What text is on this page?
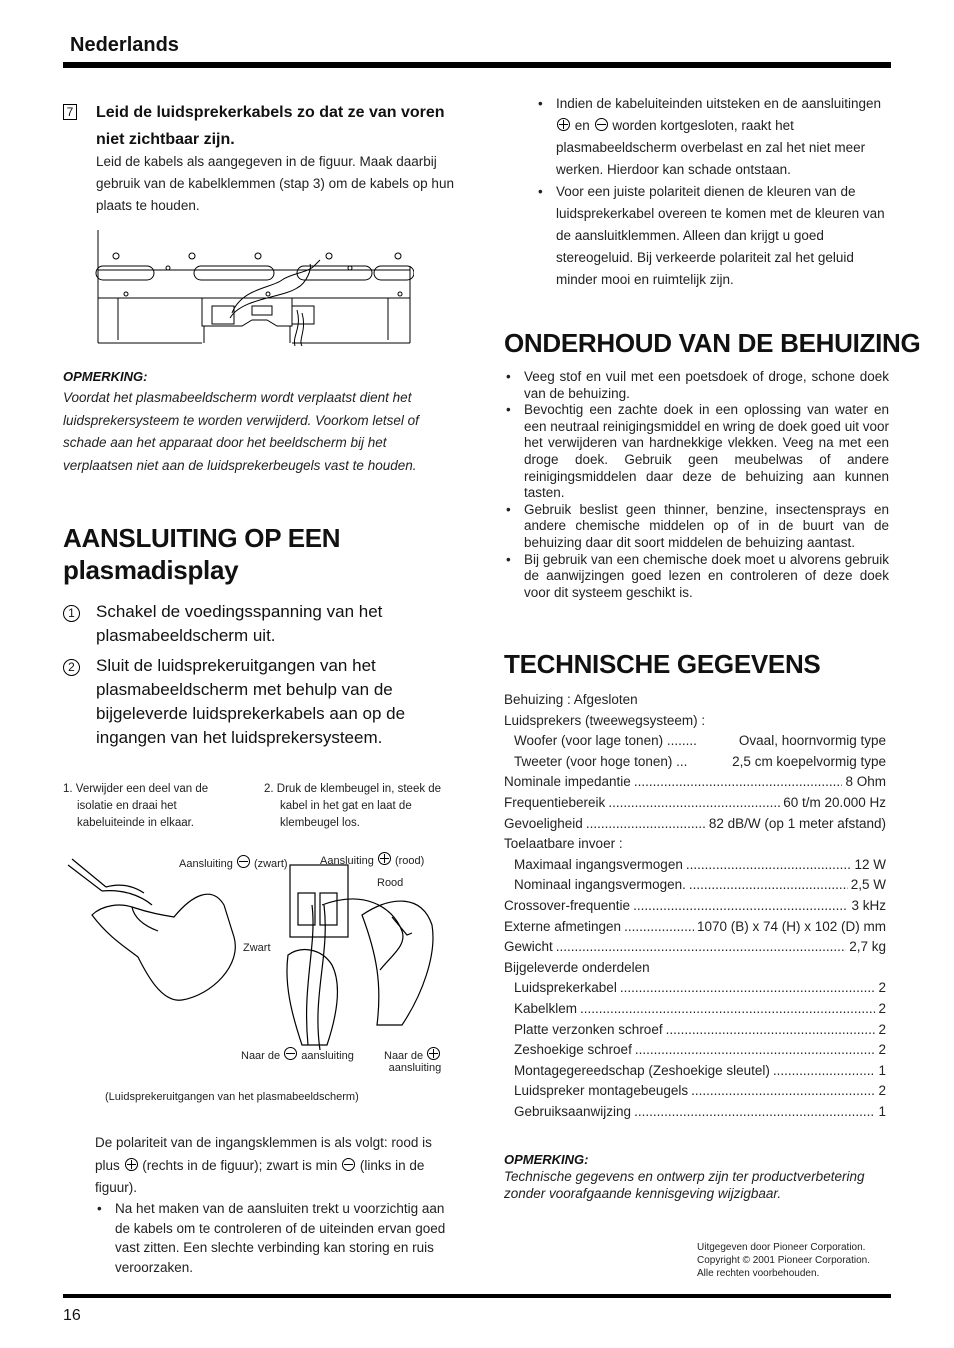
Nederlands
7 Leid de luidsprekerkabels zo dat ze van voren niet zichtbaar zijn.
Leid de kabels als aangegeven in de figuur. Maak daarbij gebruik van de kabelklemmen (stap 3) om de kabels op hun plaats te houden.
OPMERKING:
Voordat het plasmabeeldscherm wordt verplaatst dient het luidsprekersysteem te worden verwijderd. Voorkom letsel of schade aan het apparaat door het beeldscherm bij het verplaatsen niet aan de luidsprekerbeugels vast te houden.
AANSLUITING OP EEN plasmadisplay
1	Schakel de voedingsspanning van het plasmabeeldscherm uit.
2	Sluit de luidsprekeruitgangen van het plasmabeeldscherm met behulp van de bijgeleverde luidsprekerkabels aan op de ingangen van het luidsprekersysteem.
1. Verwijder een deel van de isolatie en draai het kabeluiteinde in elkaar.
2. Druk de klembeugel in, steek de kabel in het gat en laat de klembeugel los.
Aansluiting (zwart)	Aansluiting (rood)
Rood
Zwart
Naar de aansluiting	Naar de
aansluiting
(Luidsprekeruitgangen van het plasmabeeldscherm)
De polariteit van de ingangsklemmen is als volgt: rood is plus (rechts in de figuur); zwart is min (links in de figuur).
• Na het maken van de aansluiten trekt u voorzichtig aan de kabels om te controleren of de uiteinden ervan goed vast zitten. Een slechte verbinding kan storing en ruis veroorzaken.
• Indien de kabeluiteinden uitsteken en de aansluitingen  en worden kortgesloten, raakt het plasmabeeldscherm overbelast en zal het niet meer werken. Hierdoor kan schade ontstaan.
• Voor een juiste polariteit dienen de kleuren van de luidsprekerkabel overeen te komen met de kleuren van de aansluitklemmen. Alleen dan krijgt u goed stereogeluid. Bij verkeerde polariteit zal het geluid minder mooi en ruimtelijk zijn.
ONDERHOUD VAN DE BEHUIZING
• Veeg stof en vuil met een poetsdoek of droge, schone doek van de behuizing.
• Bevochtig een zachte doek in een oplossing van water en een neutraal reinigingsmiddel en wring de doek goed uit voor het verwijderen van hardnekkige vlekken. Veeg na met een droge doek. Gebruik geen meubelwas of andere reinigingsmiddelen daar deze de behuizing aan kunnen tasten.
• Gebruik beslist geen thinner, benzine, insectensprays en andere chemische middelen op of in de buurt van de behuizing daar dit soort middelen de behuizing aantast.
• Bij gebruik van een chemische doek moet u alvorens gebruik de aanwijzingen goed lezen en controleren of deze doek voor dit systeem geschikt is.
TECHNISCHE GEGEVENS
Behuizing : Afgesloten
Luidsprekers (tweewegsysteem) :
Woofer (voor lage tonen) ........	Ovaal, hoornvormig type
Tweeter (voor hoge tonen) ...	2,5 cm koepelvormig type
Nominale impedantie .....	8 Ohm
Frequentiebereik .....	60 t/m 20.000 Hz
Gevoeligheid .....	82 dB/W (op 1 meter afstand)
Toelaatbare invoer :
Maximaal ingangsvermogen .....	12 W
Nominaal ingangsvermogen. .....	2,5 W
Crossover-frequentie .....	3 kHz
Externe afmetingen .....	1070 (B) x 74 (H) x 102 (D) mm
Gewicht .....	2,7 kg
Bijgeleverde onderdelen
Luidsprekerkabel .....	2
Kabelklem .....	2
Platte verzonken schroef .....	2
Zeshoekige schroef .....	2
Montagegereedschap (Zeshoekige sleutel) .....	1
Luidspreker montagebeugels .....	2
Gebruiksaanwijzing .....	1
OPMERKING:
Technische gegevens en ontwerp zijn ter productverbetering zonder voorafgaande kennisgeving wijzigbaar.
Uitgegeven door Pioneer Corporation.
Copyright © 2001 Pioneer Corporation.
Alle rechten voorbehouden.
16
